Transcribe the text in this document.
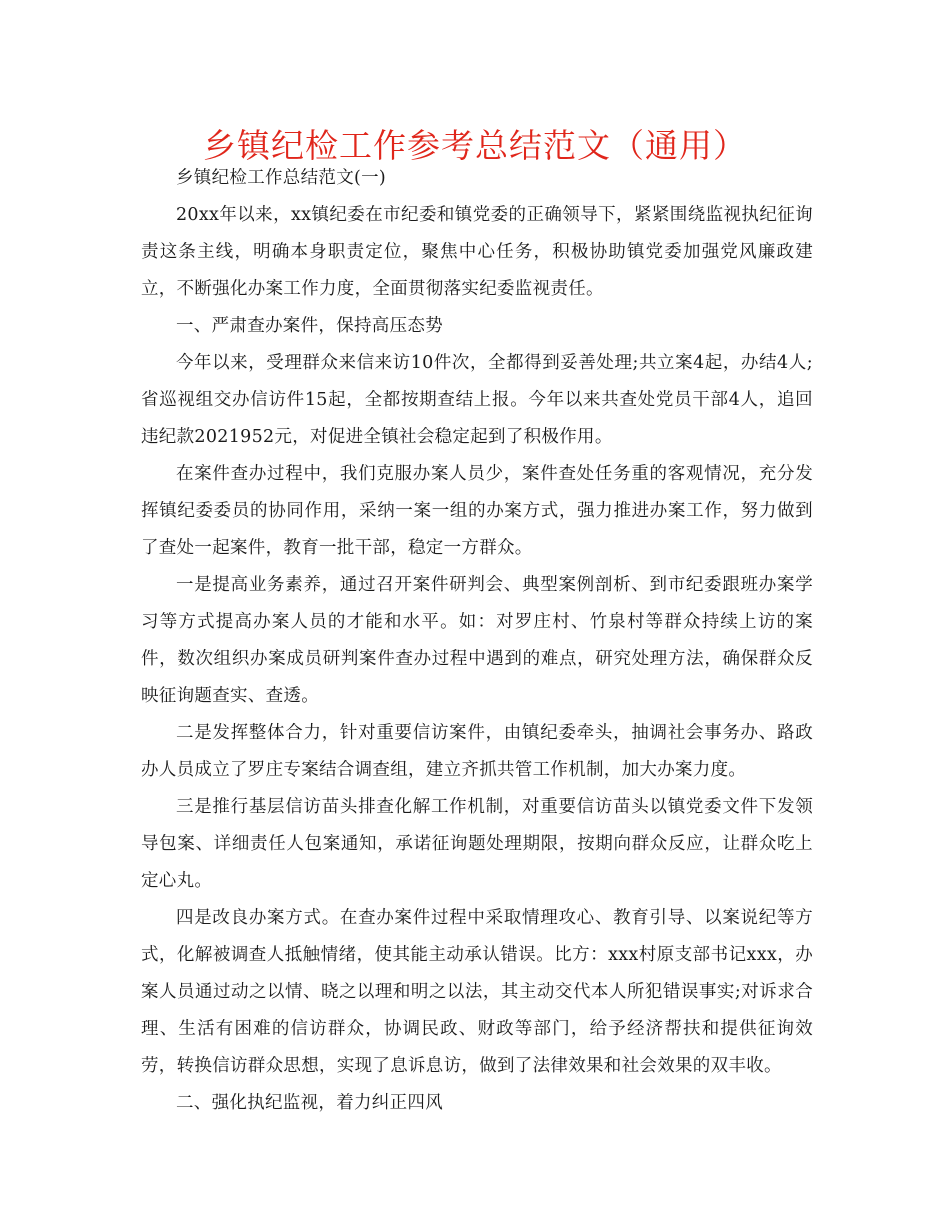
乡镇纪检工作参考总结范文（通用）

乡镇纪检工作总结范文(一)

20xx年以来，xx镇纪委在市纪委和镇党委的正确领导下，紧紧围绕监视执纪征询责这条主线，明确本身职责定位，聚焦中心任务，积极协助镇党委加强党风廉政建立，不断强化办案工作力度，全面贯彻落实纪委监视责任。

一、严肃查办案件，保持高压态势

今年以来，受理群众来信来访10件次，全都得到妥善处理;共立案4起，办结4人;省巡视组交办信访件15起，全都按期查结上报。今年以来共查处党员干部4人，追回违纪款2021952元，对促进全镇社会稳定起到了积极作用。

在案件查办过程中，我们克服办案人员少，案件查处任务重的客观情况，充分发挥镇纪委委员的协同作用，采纳一案一组的办案方式，强力推进办案工作，努力做到了查处一起案件，教育一批干部，稳定一方群众。

一是提高业务素养，通过召开案件研判会、典型案例剖析、到市纪委跟班办案学习等方式提高办案人员的才能和水平。如：对罗庄村、竹泉村等群众持续上访的案件，数次组织办案成员研判案件查办过程中遇到的难点，研究处理方法，确保群众反映征询题查实、查透。

二是发挥整体合力，针对重要信访案件，由镇纪委牵头，抽调社会事务办、路政办人员成立了罗庄专案结合调查组，建立齐抓共管工作机制，加大办案力度。

三是推行基层信访苗头排查化解工作机制，对重要信访苗头以镇党委文件下发领导包案、详细责任人包案通知，承诺征询题处理期限，按期向群众反应，让群众吃上定心丸。

四是改良办案方式。在查办案件过程中采取情理攻心、教育引导、以案说纪等方式，化解被调查人抵触情绪，使其能主动承认错误。比方：xxx村原支部书记xxx，办案人员通过动之以情、晓之以理和明之以法，其主动交代本人所犯错误事实;对诉求合理、生活有困难的信访群众，协调民政、财政等部门，给予经济帮扶和提供征询效劳，转换信访群众思想，实现了息诉息访，做到了法律效果和社会效果的双丰收。

二、强化执纪监视，着力纠正四风
